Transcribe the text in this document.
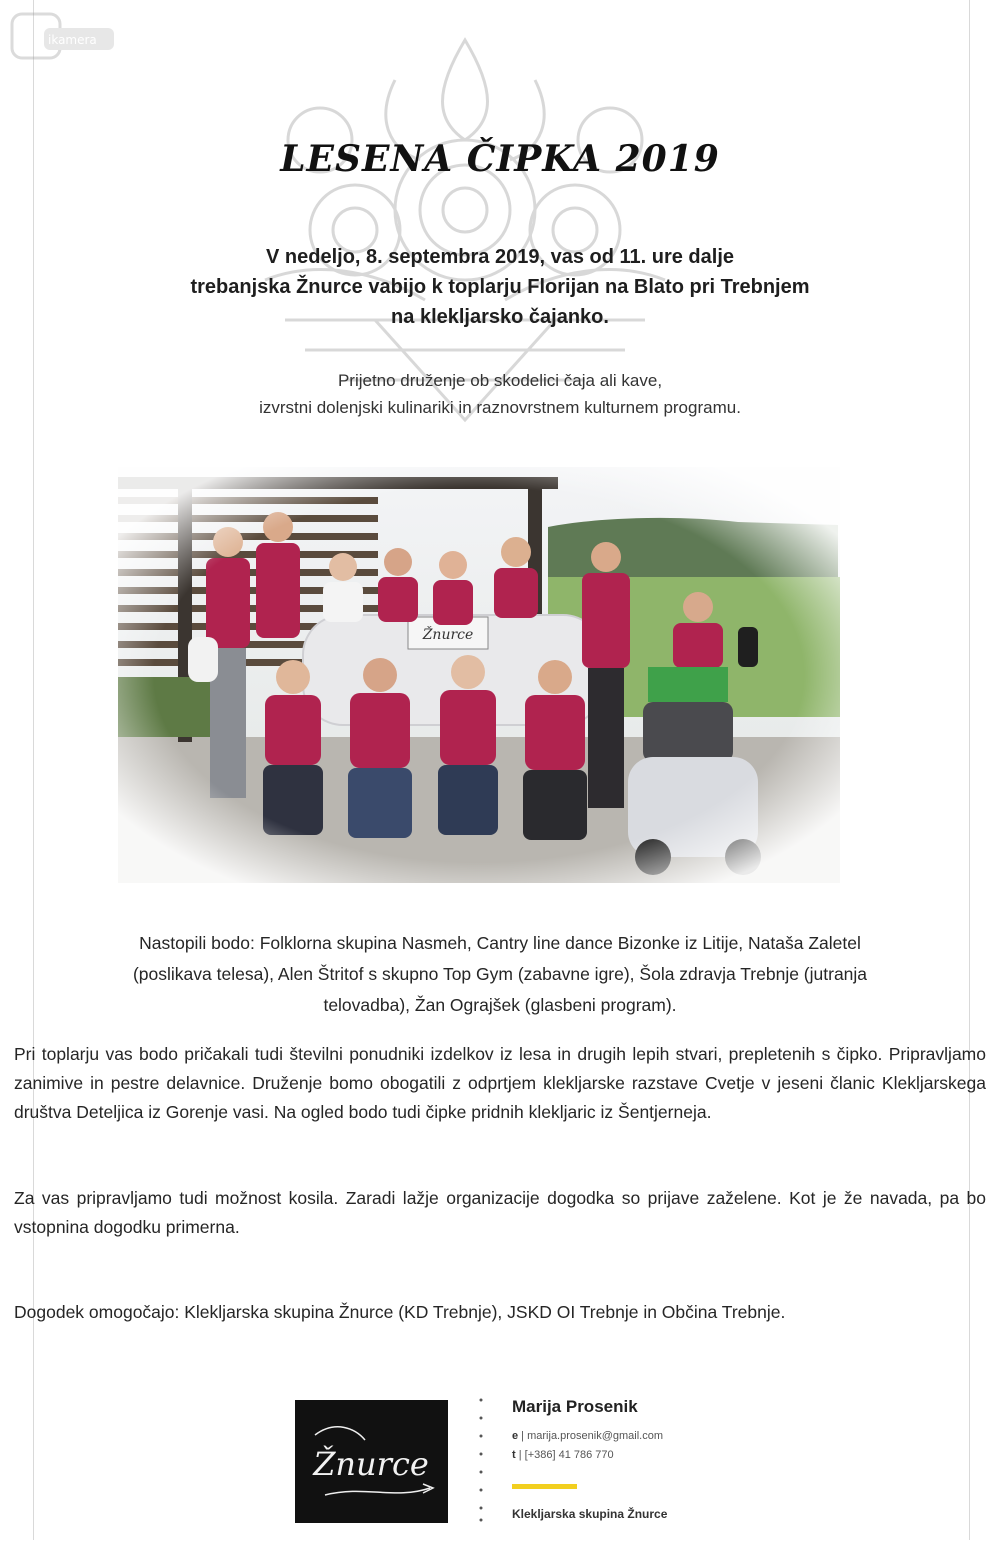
ikamera
LESENA ČIPKA 2019
V nedeljo, 8. septembra 2019, vas od 11. ure dalje
trebanjska Žnurce vabijo k toplarju Florijan na Blato pri Trebnjem
na klekljarsko čajanko.
Prijetno druženje ob skodelici čaja ali kave,
izvrstni dolenjski kulinariki in raznovrstnem kulturnem programu.
Nastopili bodo: Folklorna skupina Nasmeh, Cantry line dance Bizonke iz Litije, Nataša Zaletel
(poslikava telesa), Alen Štritof s skupno Top Gym (zabavne igre), Šola zdravja Trebnje (jutranja
telovadba), Žan Ograjšek (glasbeni program).
Pri toplarju vas bodo pričakali tudi številni ponudniki izdelkov iz lesa in drugih lepih stvari, prepletenih s čipko. Pripravljamo zanimive in pestre delavnice. Druženje bomo obogatili z odprtjem klekljarske razstave Cvetje v jeseni članic Klekljarskega društva Deteljica iz Gorenje vasi. Na ogled bodo tudi čipke pridnih klekljaric iz Šentjerneja.
Za vas pripravljamo tudi možnost kosila. Zaradi lažje organizacije dogodka so prijave zaželene. Kot je že navada, pa bo vstopnina dogodku primerna.
Dogodek omogočajo: Klekljarska skupina Žnurce (KD Trebnje), JSKD OI Trebnje in Občina Trebnje.
Žnurce
Marija Prosenik
e | marija.prosenik@gmail.com
t | [+386] 41 786 770
Klekljarska skupina Žnurce
